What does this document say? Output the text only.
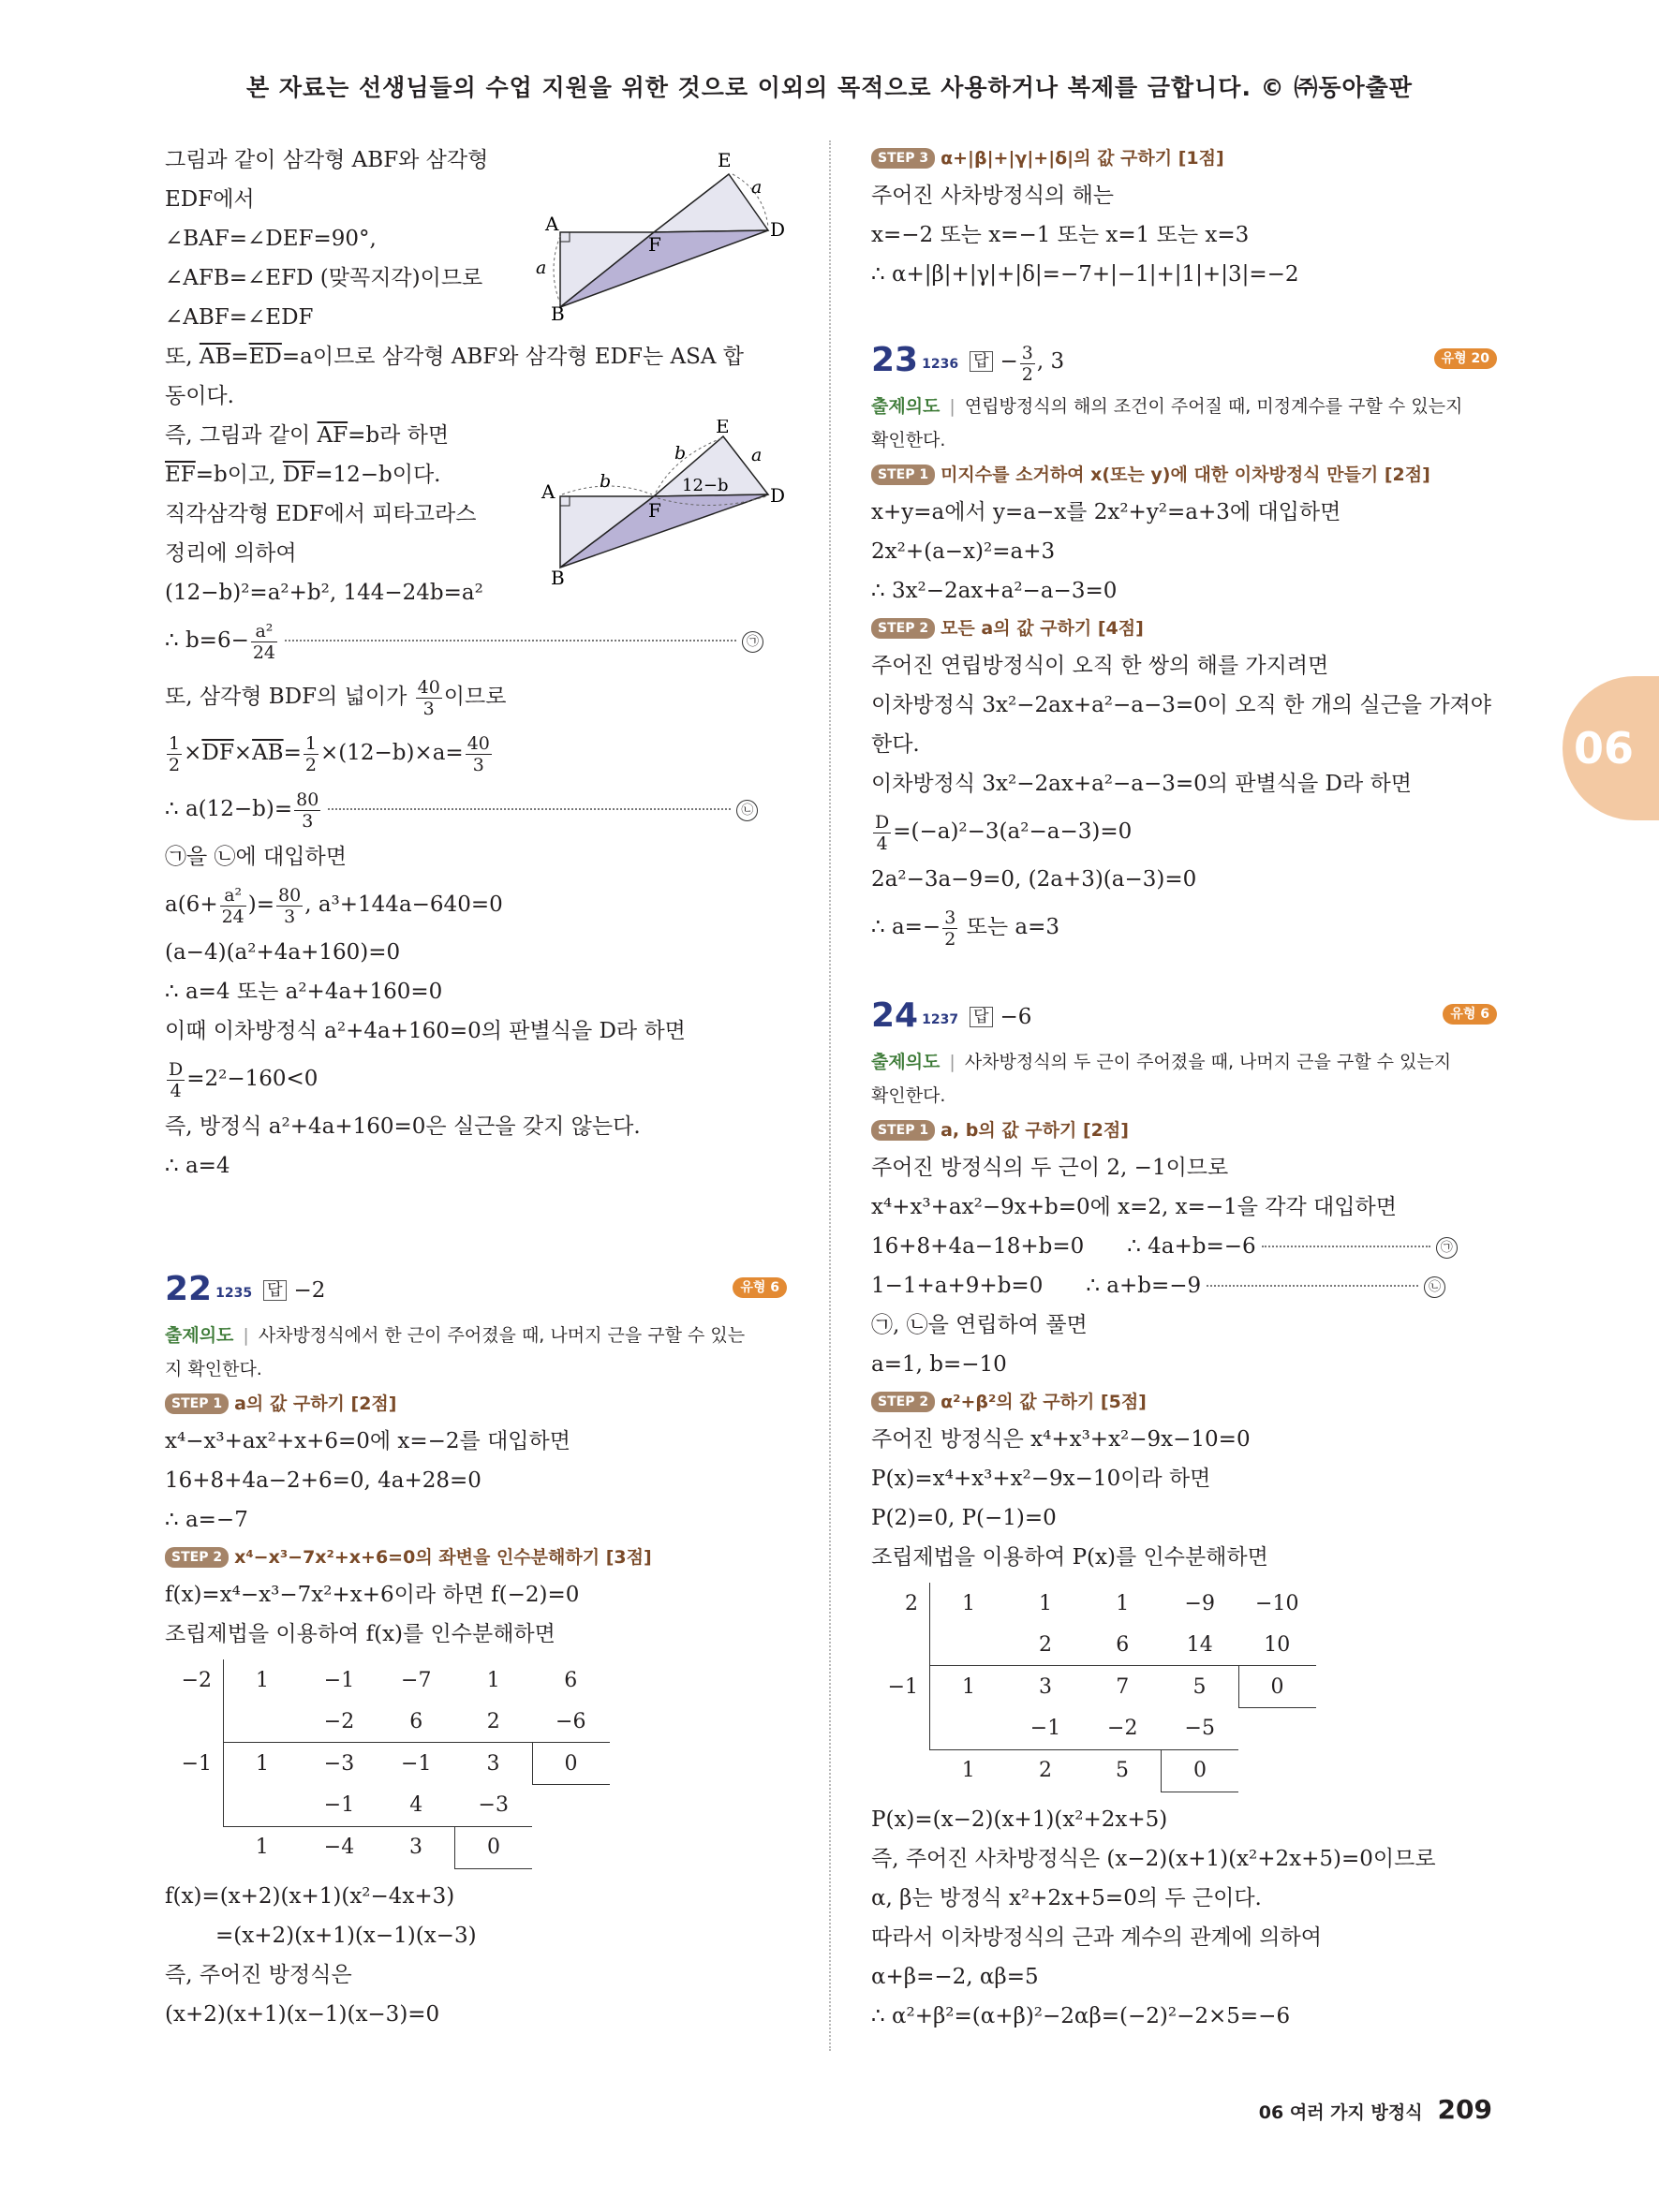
본 자료는 선생님들의 수업 지원을 위한 것으로 이외의 목적으로 사용하거나 복제를 금합니다. © ㈜동아출판
A
B
F
E
D
a
a
A
B
F
E
D
b
b
12−b
a
그림과 같이 삼각형 ABF와 삼각형
EDF에서
∠BAF=∠DEF=90°,
∠AFB=∠EFD (맞꼭지각)이므로
∠ABF=∠EDF
또, $\overline{AB}=\overline{ED}=a$이므로 삼각형 ABF와 삼각형 EDF는 ASA 합
동이다.
즉, 그림과 같이 $\overline{AF}=b$라 하면
$\overline{EF}=b$이고, $\overline{DF}=12-b$이다.
직각삼각형 EDF에서 피타고라스
정리에 의하여
(12−b)²=a²+b², 144−24b=a²
∴ $b=6- \frac{\text{a²}}{24}$	㉠
또, 삼각형 BDF의 넓이가 $\frac{40}{3}$ 이므로
$\frac{1}{2} \times\overline{DF}\times\overline{AB}= \frac{1}{2} \times(12-b)\times a= \frac{40}{3}$
∴ $a(12-b)= \frac{80}{3}$	㉡
㉠을 ㉡에 대입하면
$a(6+ \frac{\text{a²}}{24}$ )= $\frac{80}{3}$ , a³+144a−640=0
(a−4)(a²+4a+160)=0
∴ a=4 또는 a²+4a+160=0
이때 이차방정식 a²+4a+160=0의 판별식을 D라 하면
$\frac{D}{4} =2^2-160<0$
즉, 방정식 a²+4a+160=0은 실근을 갖지 않는다.
∴ a=4
22 1235 답 −2	유형 6
출제의도 | 사차방정식에서 한 근이 주어졌을 때, 나머지 근을 구할 수 있는
지 확인한다.
STEP 1 a의 값 구하기 [2점]
x⁴−x³+ax²+x+6=0에 x=−2를 대입하면
16+8+4a−2+6=0, 4a+28=0
∴ a=−7
STEP 2 x⁴−x³−7x²+x+6=0의 좌변을 인수분해하기 [3점]
f(x)=x⁴−x³−7x²+x+6이라 하면 f(−2)=0
조립제법을 이용하여 f(x)를 인수분해하면
−2	1	−1	−7	1	6
		−2	6	2	−6
−1	1	−3	−1	3	0
		−1	4	−3	
	1	−4	3	0	
f(x)=(x+2)(x+1)(x²−4x+3)
=(x+2)(x+1)(x−1)(x−3)
즉, 주어진 방정식은
(x+2)(x+1)(x−1)(x−3)=0
STEP 3 α+|β|+|γ|+|δ|의 값 구하기 [1점]
주어진 사차방정식의 해는
x=−2 또는 x=−1 또는 x=1 또는 x=3
∴ α+|β|+|γ|+|δ|=−7+|−1|+|1|+|3|=−2
23 1236 답 − $\frac{3}{2}$ , 3	유형 20
출제의도 | 연립방정식의 해의 조건이 주어질 때, 미정계수를 구할 수 있는지
확인한다.
STEP 1 미지수를 소거하여 x(또는 y)에 대한 이차방정식 만들기 [2점]
x+y=a에서 y=a−x를 2x²+y²=a+3에 대입하면
2x²+(a−x)²=a+3
∴ 3x²−2ax+a²−a−3=0
STEP 2 모든 a의 값 구하기 [4점]
주어진 연립방정식이 오직 한 쌍의 해를 가지려면
이차방정식 3x²−2ax+a²−a−3=0이 오직 한 개의 실근을 가져야
한다.
이차방정식 3x²−2ax+a²−a−3=0의 판별식을 D라 하면
$\frac{D}{4} =(-a)^2-3(a^2-a-3)=0$
2a²−3a−9=0, (2a+3)(a−3)=0
∴ $a=- \frac{3}{2}$ 또는 a=3
24 1237 답 −6	유형 6
출제의도 | 사차방정식의 두 근이 주어졌을 때, 나머지 근을 구할 수 있는지
확인한다.
STEP 1 a, b의 값 구하기 [2점]
주어진 방정식의 두 근이 2, −1이므로
x⁴+x³+ax²−9x+b=0에 x=2, x=−1을 각각 대입하면
16+8+4a−18+b=0 ∴ 4a+b=−6	㉠
1−1+a+9+b=0 ∴ a+b=−9	㉡
㉠, ㉡을 연립하여 풀면
a=1, b=−10
STEP 2 α²+β²의 값 구하기 [5점]
주어진 방정식은 x⁴+x³+x²−9x−10=0
P(x)=x⁴+x³+x²−9x−10이라 하면
P(2)=0, P(−1)=0
조립제법을 이용하여 P(x)를 인수분해하면
2	1	1	1	−9	−10
		2	6	14	10
−1	1	3	7	5	0
		−1	−2	−5	
	1	2	5	0	
P(x)=(x−2)(x+1)(x²+2x+5)
즉, 주어진 사차방정식은 (x−2)(x+1)(x²+2x+5)=0이므로
α, β는 방정식 x²+2x+5=0의 두 근이다.
따라서 이차방정식의 근과 계수의 관계에 의하여
α+β=−2, αβ=5
∴ α²+β²=(α+β)²−2αβ=(−2)²−2×5=−6
06
06 여러 가지 방정식 209
